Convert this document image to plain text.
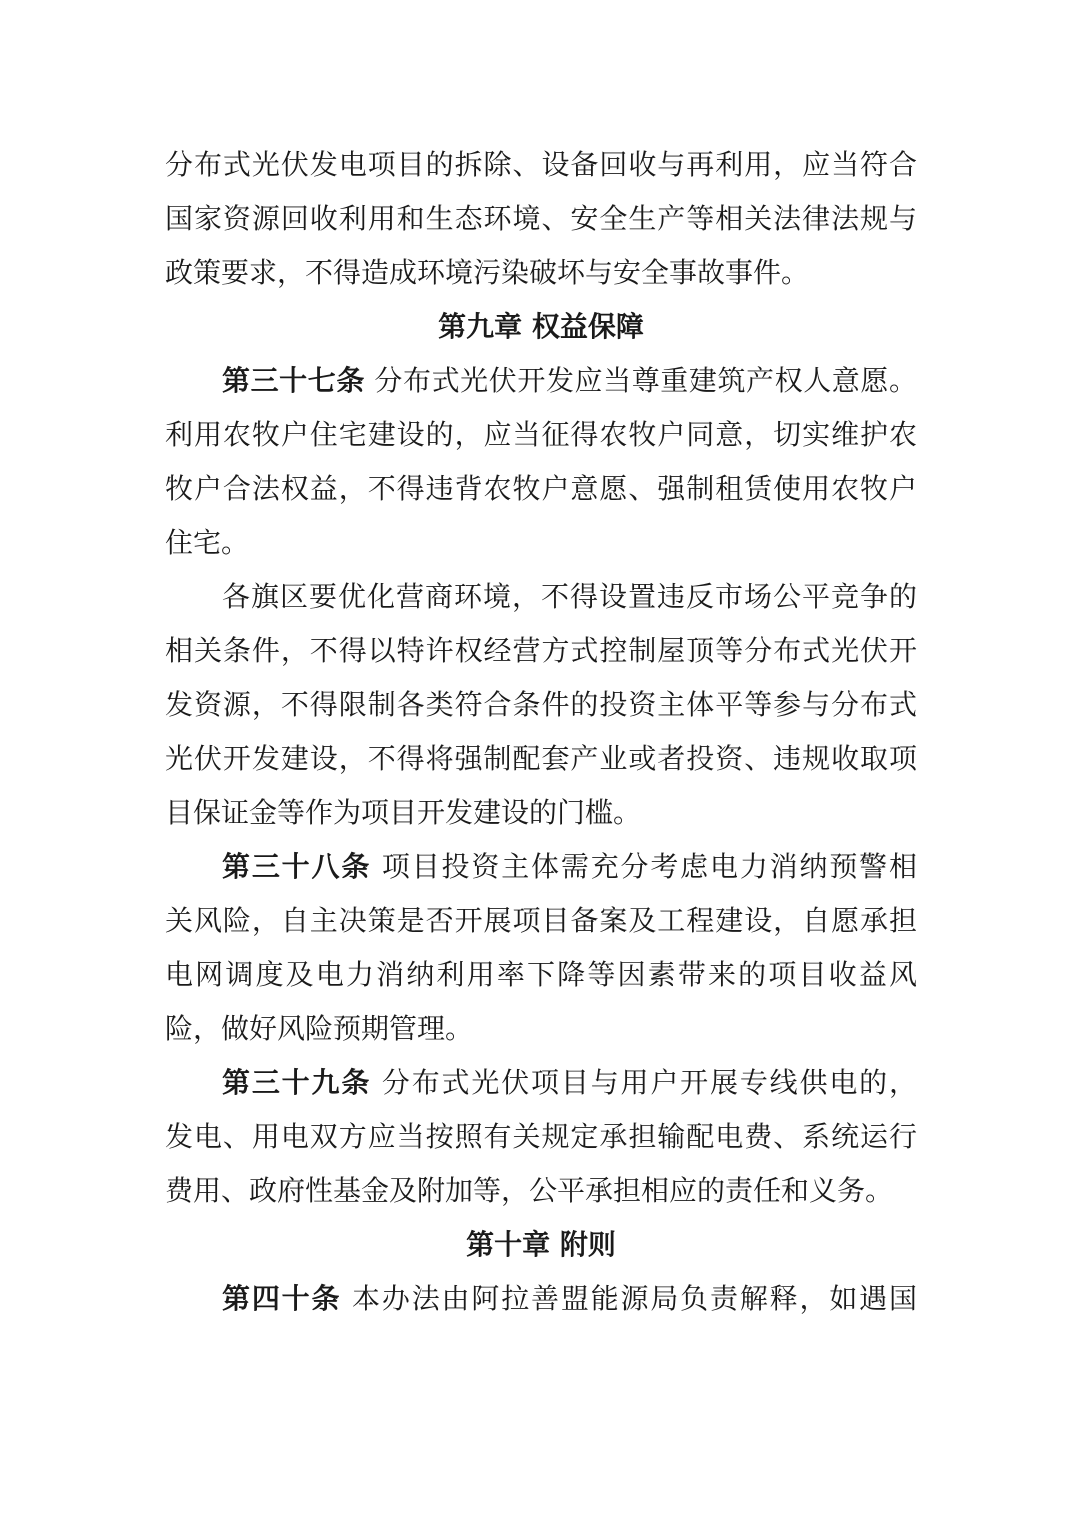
分布式光伏发电项目的拆除、设备回收与再利用，应当符合
国家资源回收利用和生态环境、安全生产等相关法律法规与
政策要求，不得造成环境污染破坏与安全事故事件。
第九章 权益保障
第三十七条 分布式光伏开发应当尊重建筑产权人意愿。
利用农牧户住宅建设的，应当征得农牧户同意，切实维护农
牧户合法权益，不得违背农牧户意愿、强制租赁使用农牧户
住宅。
各旗区要优化营商环境，不得设置违反市场公平竞争的
相关条件，不得以特许权经营方式控制屋顶等分布式光伏开
发资源，不得限制各类符合条件的投资主体平等参与分布式
光伏开发建设，不得将强制配套产业或者投资、违规收取项
目保证金等作为项目开发建设的门槛。
第三十八条 项目投资主体需充分考虑电力消纳预警相
关风险，自主决策是否开展项目备案及工程建设，自愿承担
电网调度及电力消纳利用率下降等因素带来的项目收益风
险，做好风险预期管理。
第三十九条 分布式光伏项目与用户开展专线供电的，
发电、用电双方应当按照有关规定承担输配电费、系统运行
费用、政府性基金及附加等，公平承担相应的责任和义务。
第十章 附则
第四十条 本办法由阿拉善盟能源局负责解释，如遇国
